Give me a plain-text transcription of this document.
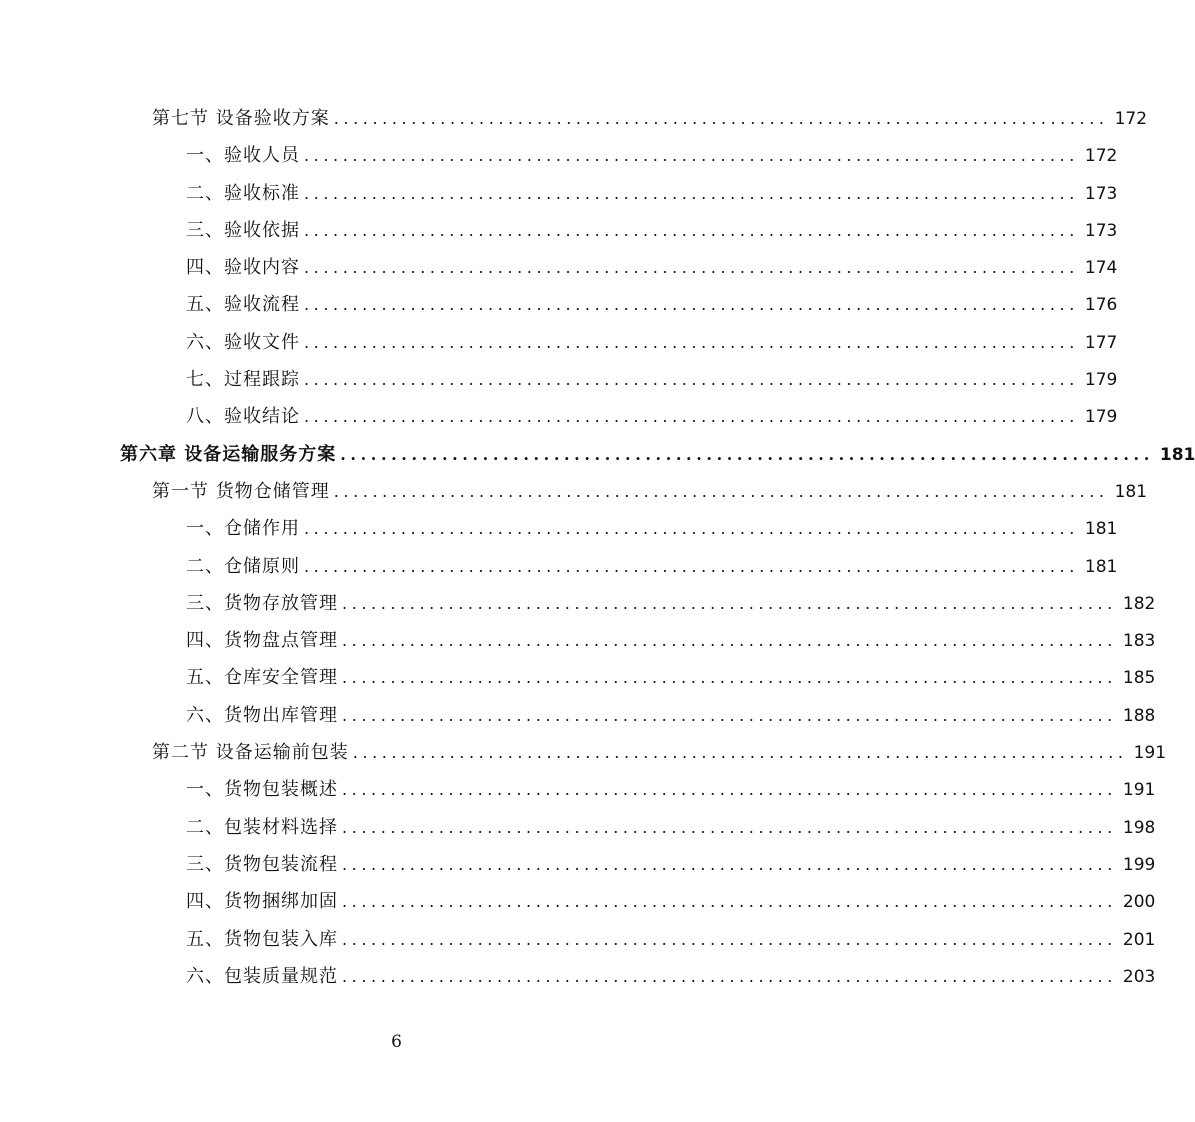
第七节 设备验收方案 ................................................................................ 172
一、验收人员 ................................................................................ 172
二、验收标准 ................................................................................ 173
三、验收依据 ................................................................................ 173
四、验收内容 ................................................................................ 174
五、验收流程 ................................................................................ 176
六、验收文件 ................................................................................ 177
七、过程跟踪 ................................................................................ 179
八、验收结论 ................................................................................ 179
第六章 设备运输服务方案 ................................................................................ 181
第一节 货物仓储管理 ................................................................................ 181
一、仓储作用 ................................................................................ 181
二、仓储原则 ................................................................................ 181
三、货物存放管理 ................................................................................ 182
四、货物盘点管理 ................................................................................ 183
五、仓库安全管理 ................................................................................ 185
六、货物出库管理 ................................................................................ 188
第二节 设备运输前包装 ................................................................................ 191
一、货物包装概述 ................................................................................ 191
二、包装材料选择 ................................................................................ 198
三、货物包装流程 ................................................................................ 199
四、货物捆绑加固 ................................................................................ 200
五、货物包装入库 ................................................................................ 201
六、包装质量规范 ................................................................................ 203
6
